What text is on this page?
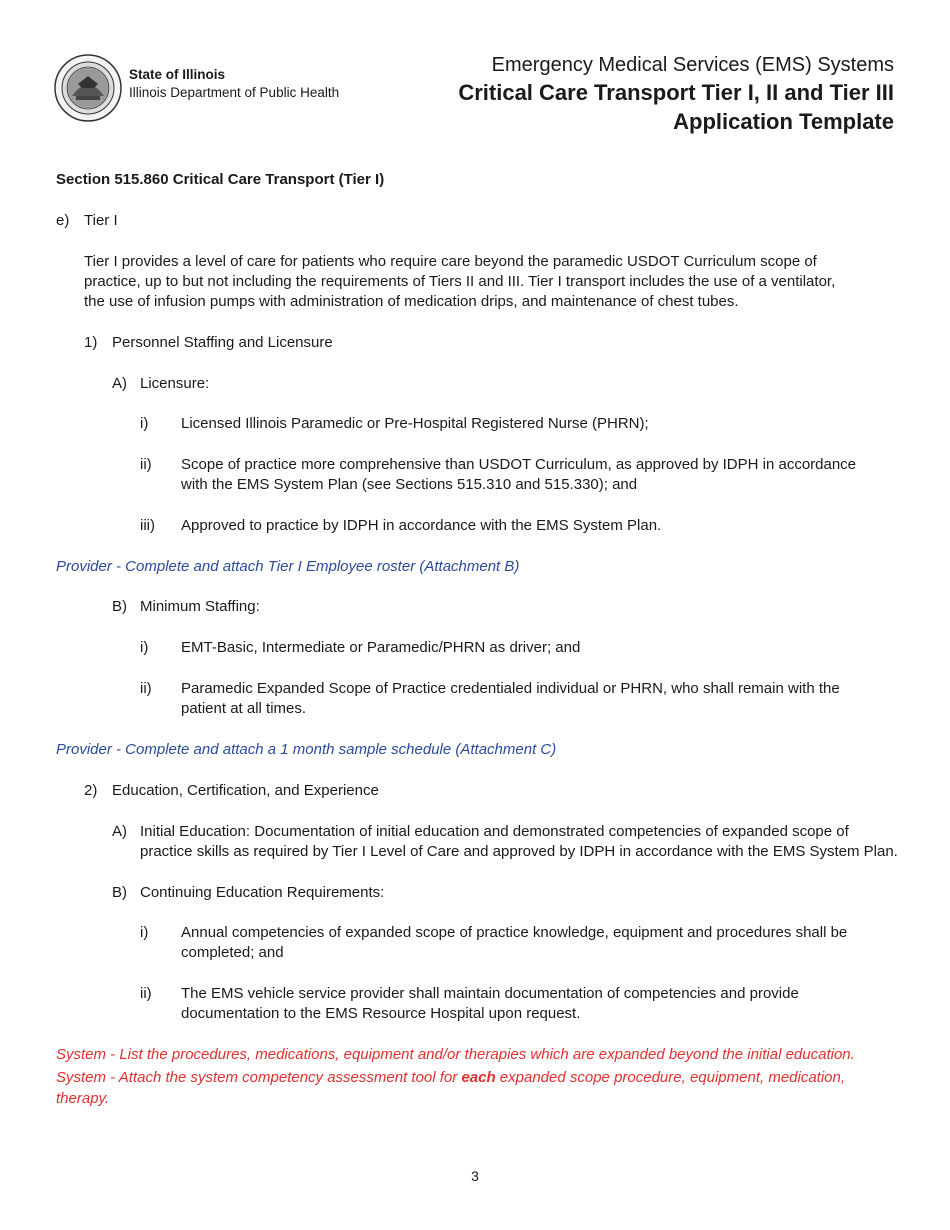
State of Illinois
Illinois Department of Public Health
Emergency Medical Services (EMS) Systems
Critical Care Transport Tier I, II and Tier III
Application Template
Section 515.860 Critical Care Transport (Tier I)
e) Tier I
Tier I provides a level of care for patients who require care beyond the paramedic USDOT Curriculum scope of
practice, up to but not including the requirements of Tiers II and III. Tier I transport includes the use of a ventilator,
the use of infusion pumps with administration of medication drips, and maintenance of chest tubes.
1) Personnel Staffing and Licensure
A) Licensure:
i) Licensed Illinois Paramedic or Pre-Hospital Registered Nurse (PHRN);
ii) Scope of practice more comprehensive than USDOT Curriculum, as approved by IDPH in accordance
with the EMS System Plan (see Sections 515.310 and 515.330); and
iii) Approved to practice by IDPH in accordance with the EMS System Plan.
Provider - Complete and attach Tier I Employee roster (Attachment B)
B) Minimum Staffing:
i) EMT-Basic, Intermediate or Paramedic/PHRN as driver; and
ii) Paramedic Expanded Scope of Practice credentialed individual or PHRN, who shall remain with the
patient at all times.
Provider - Complete and attach a 1 month sample schedule (Attachment C)
2) Education, Certification, and Experience
A) Initial Education: Documentation of initial education and demonstrated competencies of expanded scope of
practice skills as required by Tier I Level of Care and approved by IDPH in accordance with the EMS System Plan.
B) Continuing Education Requirements:
i) Annual competencies of expanded scope of practice knowledge, equipment and procedures shall be
completed; and
ii) The EMS vehicle service provider shall maintain documentation of competencies and provide
documentation to the EMS Resource Hospital upon request.
System - List the procedures, medications, equipment and/or therapies which are expanded beyond the initial education.
System - Attach the system competency assessment tool for each expanded scope procedure, equipment, medication,
therapy.
3
